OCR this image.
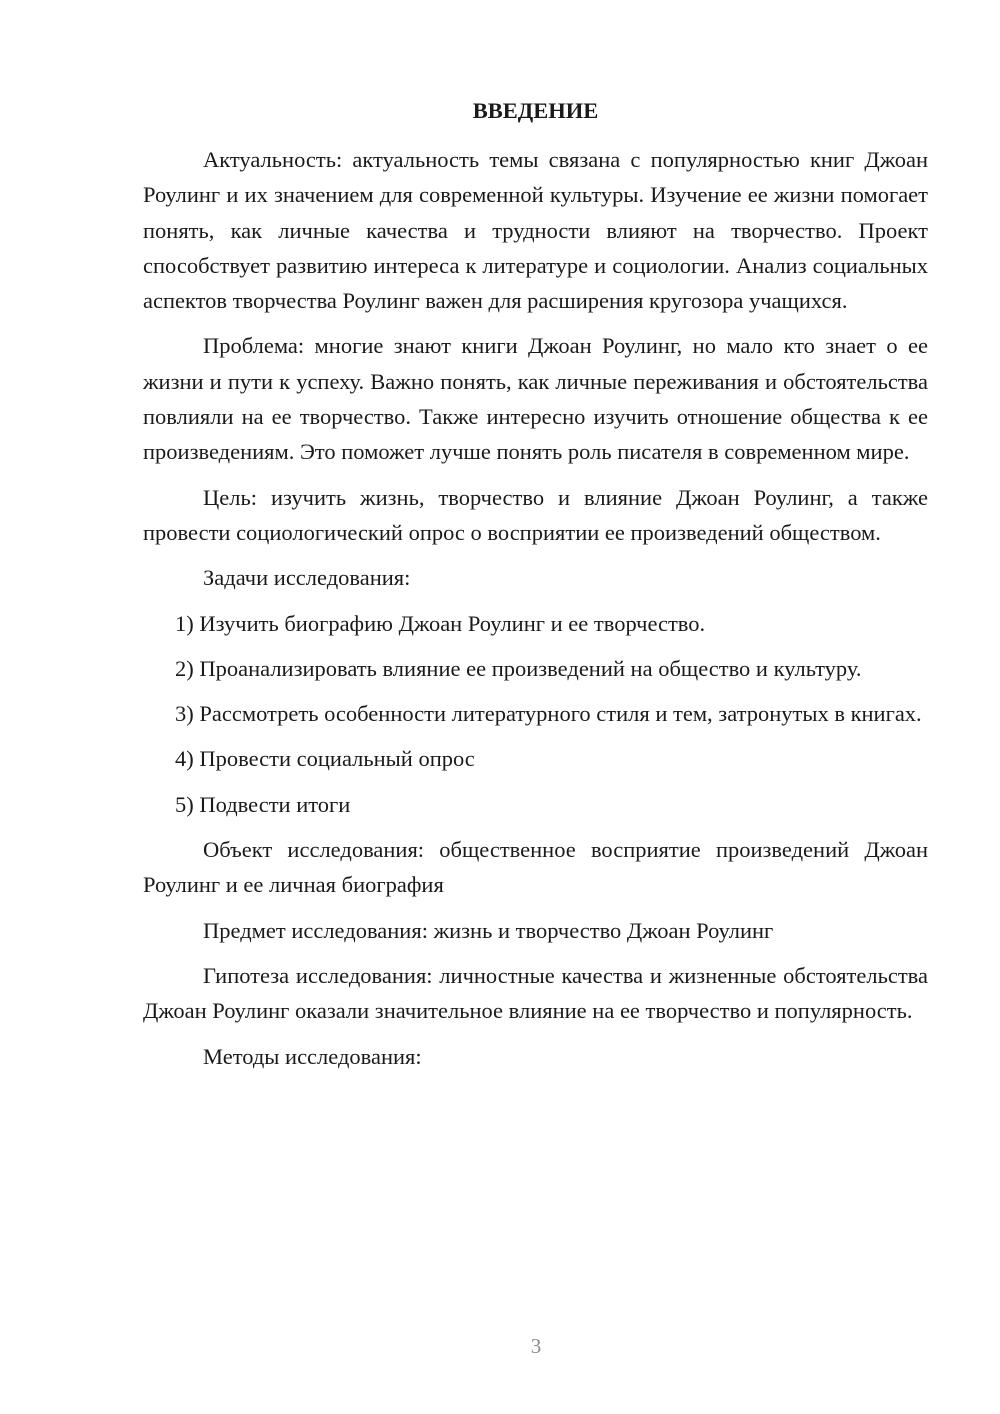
ВВЕДЕНИЕ

Актуальность: актуальность темы связана с популярностью книг Джоан Роулинг и их значением для современной культуры. Изучение ее жизни помогает понять, как личные качества и трудности влияют на творчество. Проект способствует развитию интереса к литературе и социологии. Анализ социальных аспектов творчества Роулинг важен для расширения кругозора учащихся.

Проблема: многие знают книги Джоан Роулинг, но мало кто знает о ее жизни и пути к успеху. Важно понять, как личные переживания и обстоятельства повлияли на ее творчество. Также интересно изучить отношение общества к ее произведениям. Это поможет лучше понять роль писателя в современном мире.

Цель: изучить жизнь, творчество и влияние Джоан Роулинг, а также провести социологический опрос о восприятии ее произведений обществом.

Задачи исследования:

1) Изучить биографию Джоан Роулинг и ее творчество.

2) Проанализировать влияние ее произведений на общество и культуру.

3) Рассмотреть особенности литературного стиля и тем, затронутых в книгах.

4) Провести социальный опрос

5) Подвести итоги

Объект исследования: общественное восприятие произведений Джоан Роулинг и ее личная биография

Предмет исследования: жизнь и творчество Джоан Роулинг

Гипотеза исследования: личностные качества и жизненные обстоятельства Джоан Роулинг оказали значительное влияние на ее творчество и популярность.

Методы исследования:

3
